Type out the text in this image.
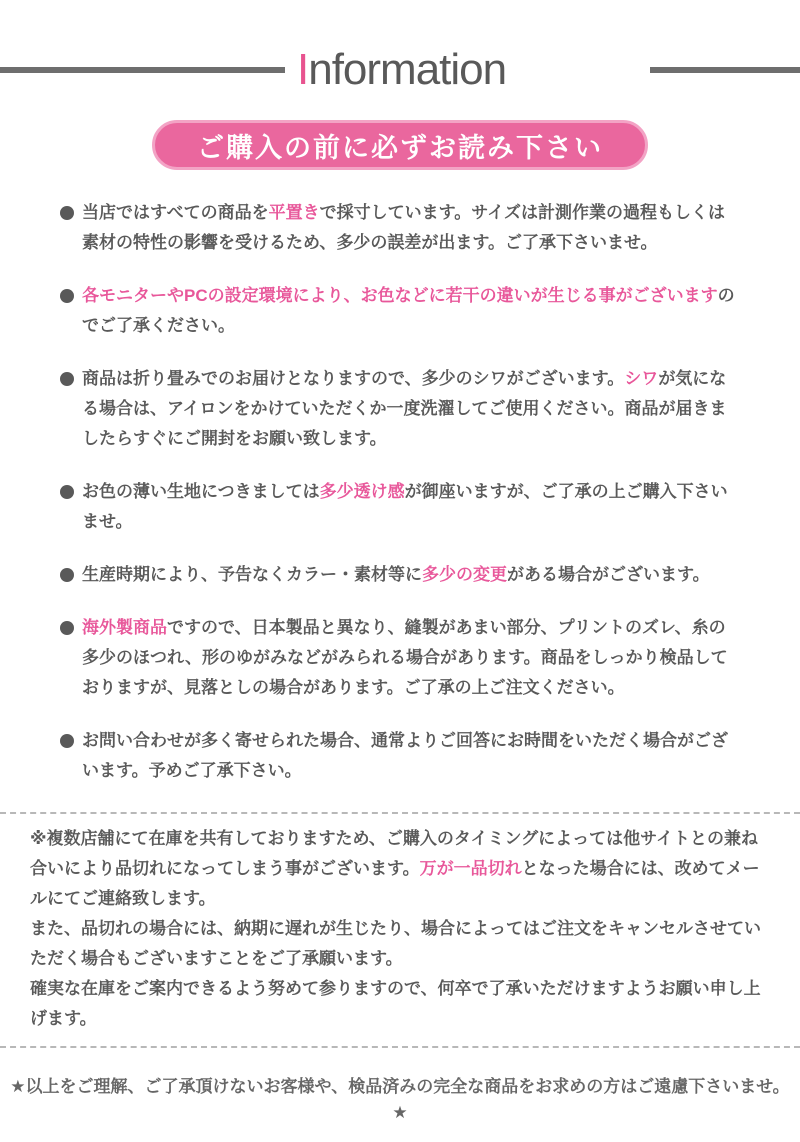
Information
ご購入の前に必ずお読み下さい

当店ではすべての商品を平置きで採寸しています。サイズは計測作業の過程もしくは素材の特性の影響を受けるため、多少の誤差が出ます。ご了承下さいませ。

各モニターやPCの設定環境により、お色などに若干の違いが生じる事がございますのでご了承ください。

商品は折り畳みでのお届けとなりますので、多少のシワがございます。シワが気になる場合は、アイロンをかけていただくか一度洗濯してご使用ください。商品が届きましたらすぐにご開封をお願い致します。

お色の薄い生地につきましては多少透け感が御座いますが、ご了承の上ご購入下さいませ。

生産時期により、予告なくカラー・素材等に多少の変更がある場合がございます。

海外製商品ですので、日本製品と異なり、縫製があまい部分、プリントのズレ、糸の多少のほつれ、形のゆがみなどがみられる場合があります。商品をしっかり検品しておりますが、見落としの場合があります。ご了承の上ご注文ください。

お問い合わせが多く寄せられた場合、通常よりご回答にお時間をいただく場合がございます。予めご了承下さい。

※複数店舗にて在庫を共有しておりますため、ご購入のタイミングによっては他サイトとの兼ね合いにより品切れになってしまう事がございます。万が一品切れとなった場合には、改めてメールにてご連絡致します。

また、品切れの場合には、納期に遅れが生じたり、場合によってはご注文をキャンセルさせていただく場合もございますことをご了承願います。

確実な在庫をご案内できるよう努めて参りますので、何卒で了承いただけますようお願い申し上げます。

★以上をご理解、ご了承頂けないお客様や、検品済みの完全な商品をお求めの方はご遠慮下さいませ。★
